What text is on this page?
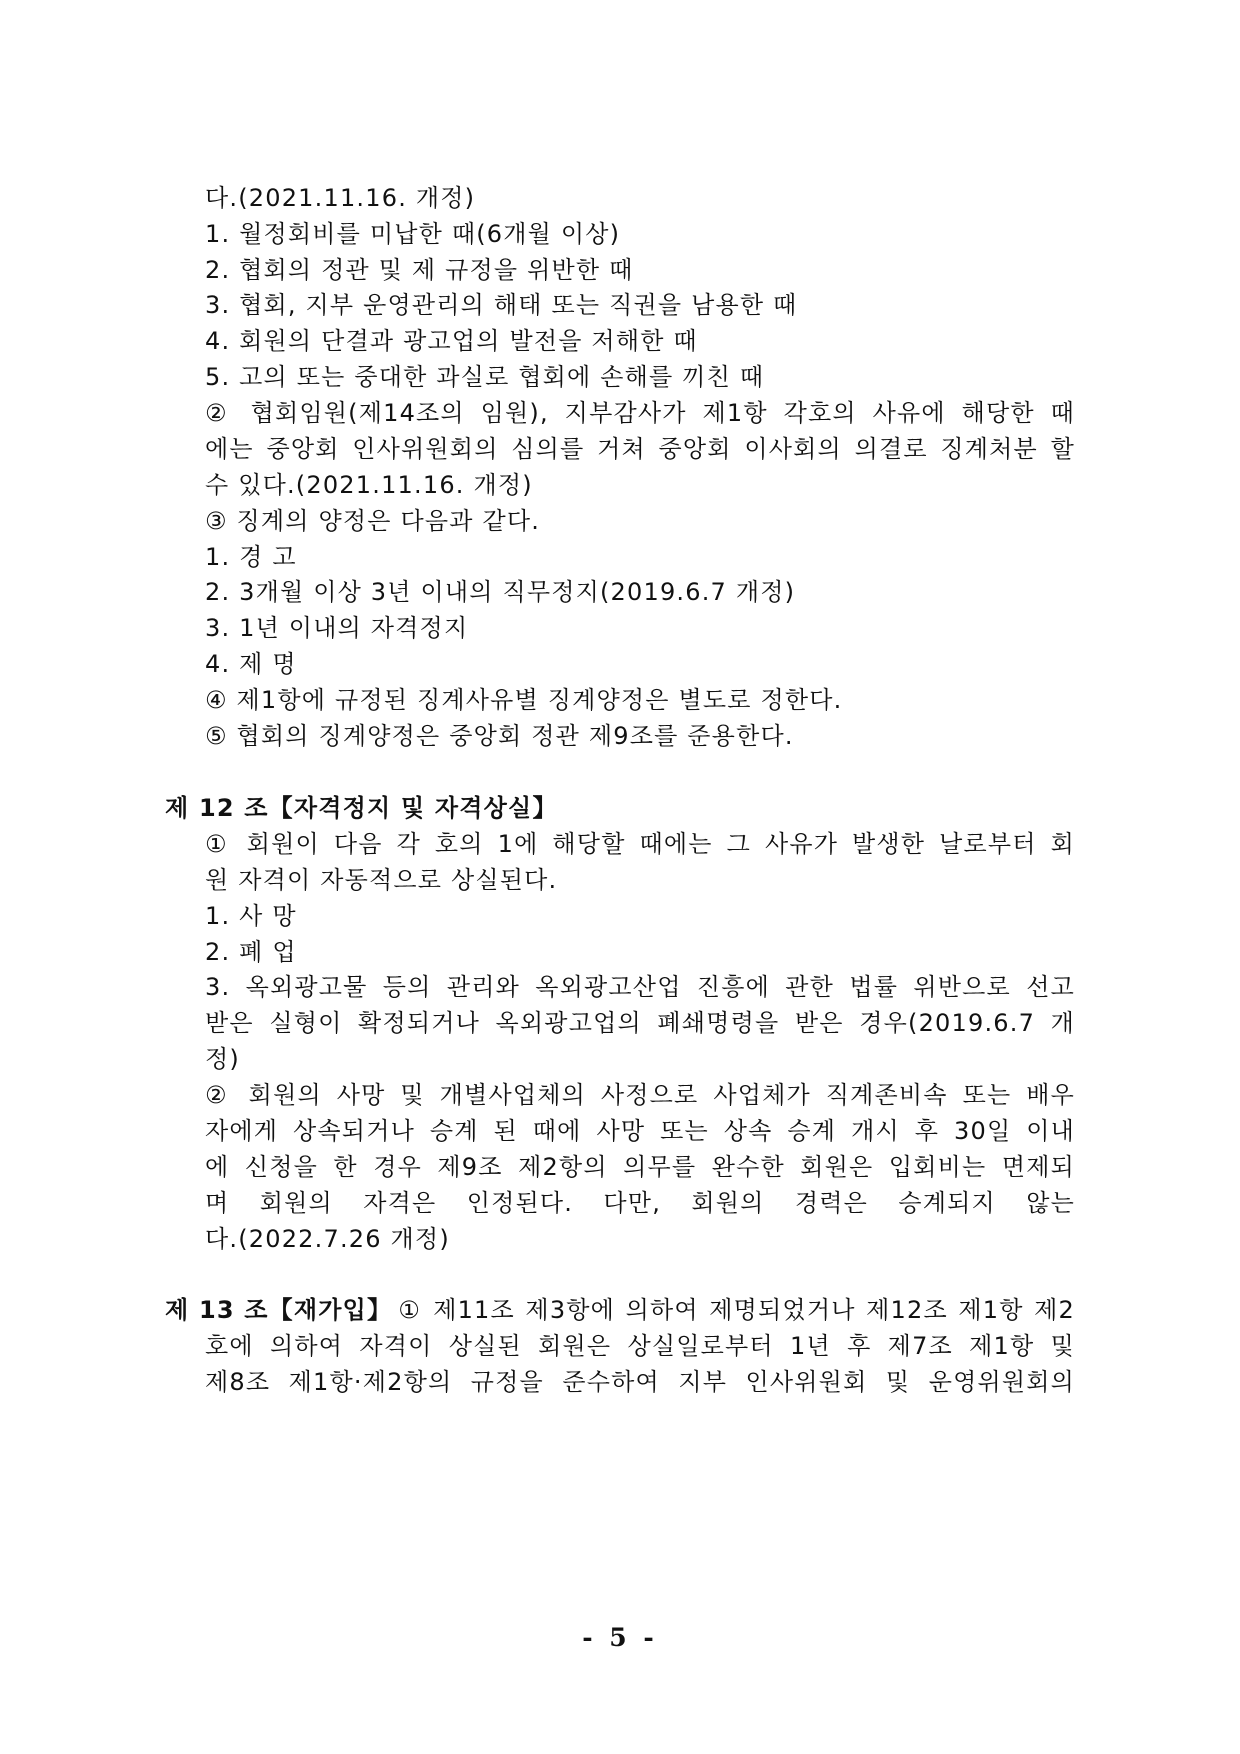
다.(2021.11.16. 개정)
1. 월정회비를 미납한 때(6개월 이상)
2. 협회의 정관 및 제 규정을 위반한 때
3. 협회, 지부 운영관리의 해태 또는 직권을 남용한 때
4. 회원의 단결과 광고업의 발전을 저해한 때
5. 고의 또는 중대한 과실로 협회에 손해를 끼친 때
② 협회임원(제14조의 임원), 지부감사가 제1항 각호의 사유에 해당한 때
에는 중앙회 인사위원회의 심의를 거쳐 중앙회 이사회의 의결로 징계처분 할
수 있다.(2021.11.16. 개정)
③ 징계의 양정은 다음과 같다.
1. 경 고
2. 3개월 이상 3년 이내의 직무정지(2019.6.7 개정)
3. 1년 이내의 자격정지
4. 제 명
④ 제1항에 규정된 징계사유별 징계양정은 별도로 정한다.
⑤ 협회의 징계양정은 중앙회 정관 제9조를 준용한다.
제 12 조【자격정지 및 자격상실】
① 회원이 다음 각 호의 1에 해당할 때에는 그 사유가 발생한 날로부터 회
원 자격이 자동적으로 상실된다.
1. 사 망
2. 폐 업
3. 옥외광고물 등의 관리와 옥외광고산업 진흥에 관한 법률 위반으로 선고
받은 실형이 확정되거나 옥외광고업의 폐쇄명령을 받은 경우(2019.6.7 개
정)
② 회원의 사망 및 개별사업체의 사정으로 사업체가 직계존비속 또는 배우
자에게 상속되거나 승계 된 때에 사망 또는 상속 승계 개시 후 30일 이내
에 신청을 한 경우 제9조 제2항의 의무를 완수한 회원은 입회비는 면제되
며 회원의 자격은 인정된다. 다만, 회원의 경력은 승계되지 않는
다.(2022.7.26 개정)
제 13 조【재가입】 ① 제11조 제3항에 의하여 제명되었거나 제12조 제1항 제2
호에 의하여 자격이 상실된 회원은 상실일로부터 1년 후 제7조 제1항 및
제8조 제1항·제2항의 규정을 준수하여 지부 인사위원회 및 운영위원회의
- 5 -
